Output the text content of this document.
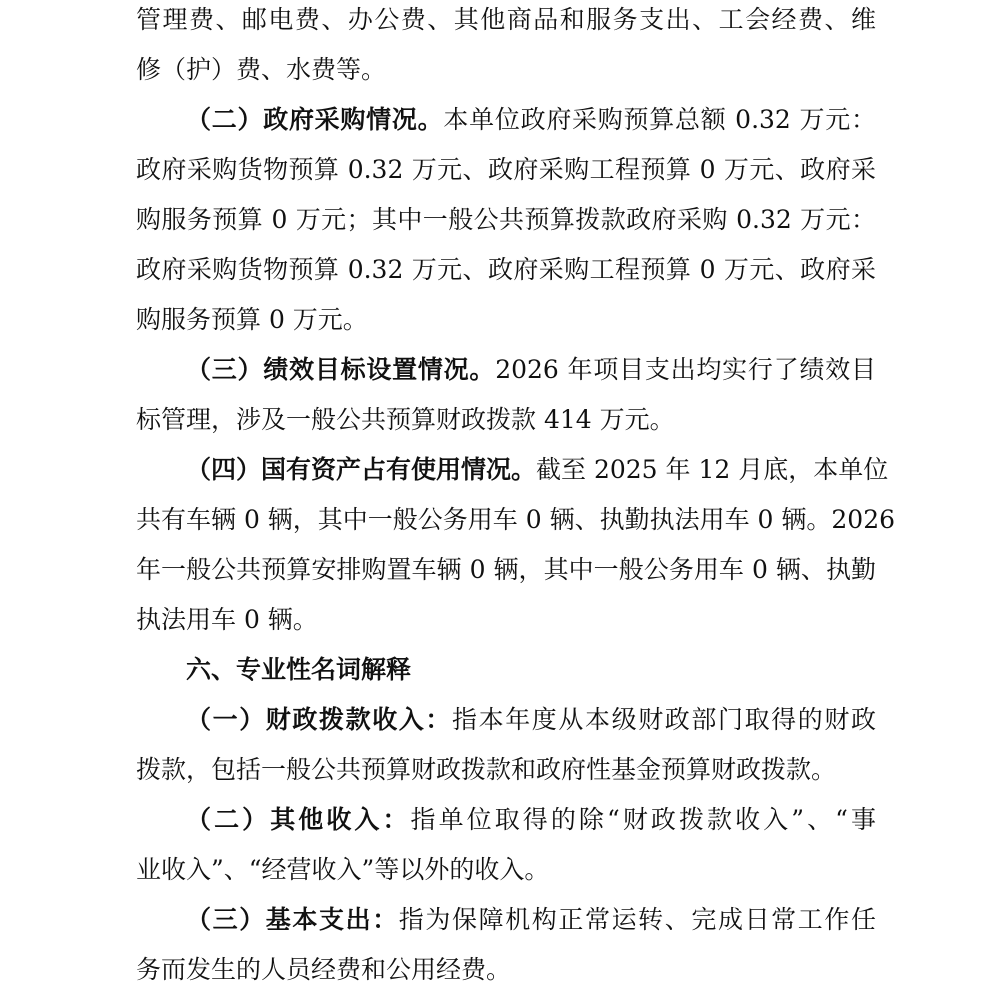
管理费、邮电费、办公费、其他商品和服务支出、工会经费、维
修（护）费、水费等。
（二）政府采购情况。本单位政府采购预算总额 0.32 万元：
政府采购货物预算 0.32 万元、政府采购工程预算 0 万元、政府采
购服务预算 0 万元；其中一般公共预算拨款政府采购 0.32 万元：
政府采购货物预算 0.32 万元、政府采购工程预算 0 万元、政府采
购服务预算 0 万元。
（三）绩效目标设置情况。2026 年项目支出均实行了绩效目
标管理，涉及一般公共预算财政拨款 414 万元。
（四）国有资产占有使用情况。截至 2025 年 12 月底，本单位
共有车辆 0 辆，其中一般公务用车 0 辆、执勤执法用车 0 辆。2026
年一般公共预算安排购置车辆 0 辆，其中一般公务用车 0 辆、执勤
执法用车 0 辆。
六、专业性名词解释
（一）财政拨款收入：指本年度从本级财政部门取得的财政
拨款，包括一般公共预算财政拨款和政府性基金预算财政拨款。
（二）其他收入：指单位取得的除“财政拨款收入”、“事
业收入”、“经营收入”等以外的收入。
（三）基本支出：指为保障机构正常运转、完成日常工作任
务而发生的人员经费和公用经费。
